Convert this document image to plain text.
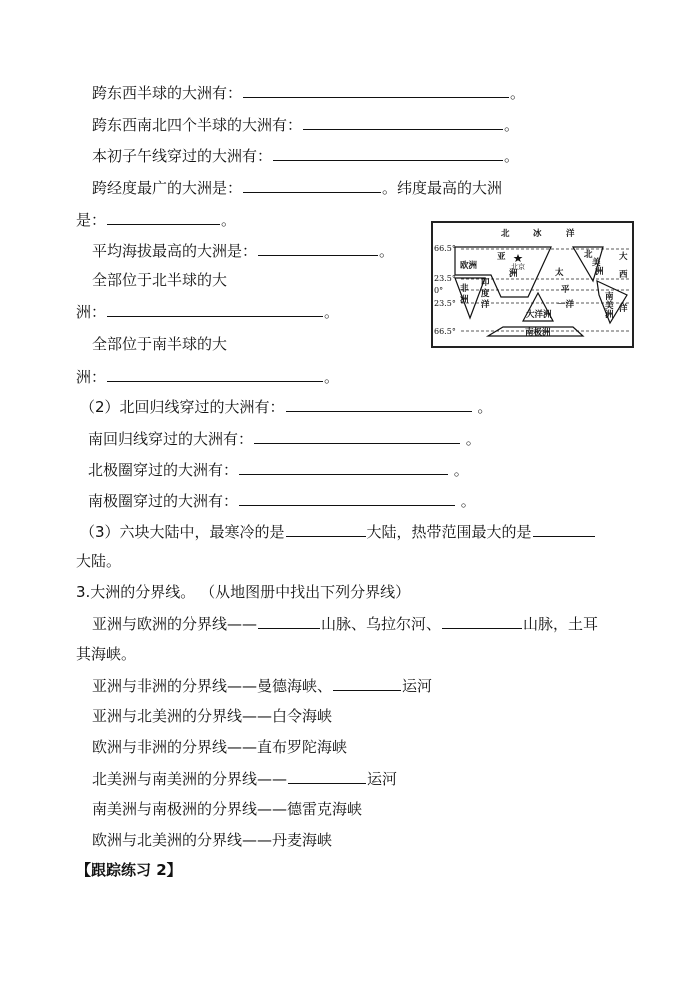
跨东西半球的大洲有：	。
跨东西南北四个半球的大洲有：	。
本初子午线穿过的大洲有：	。
跨经度最广的大洲是：	。纬度最高的大洲
是：	。
平均海拔最高的大洲是：	。
全部位于北半球的大
洲：	。
全部位于南半球的大
洲：	。
66.5°
23.5°
0°
23.5°
66.5°
北	冰	洋
欧洲
亚
洲
北京
非
洲
印
度
洋
太
平
一洋
北
美
洲
南
美
洲
大
西
洋
大洋洲
南极洲
（2）北回归线穿过的大洲有：	。
南回归线穿过的大洲有：	。
北极圈穿过的大洲有：	。
南极圈穿过的大洲有：	。
（3）六块大陆中，最寒冷的是	大陆，热带范围最大的是
大陆。
3.大洲的分界线。 （从地图册中找出下列分界线）
亚洲与欧洲的分界线——	山脉、乌拉尔河、	山脉，土耳
其海峡。
亚洲与非洲的分界线——曼德海峡、	运河
亚洲与北美洲的分界线——白令海峡
欧洲与非洲的分界线——直布罗陀海峡
北美洲与南美洲的分界线——	运河
南美洲与南极洲的分界线——德雷克海峡
欧洲与北美洲的分界线——丹麦海峡
【跟踪练习 2】
